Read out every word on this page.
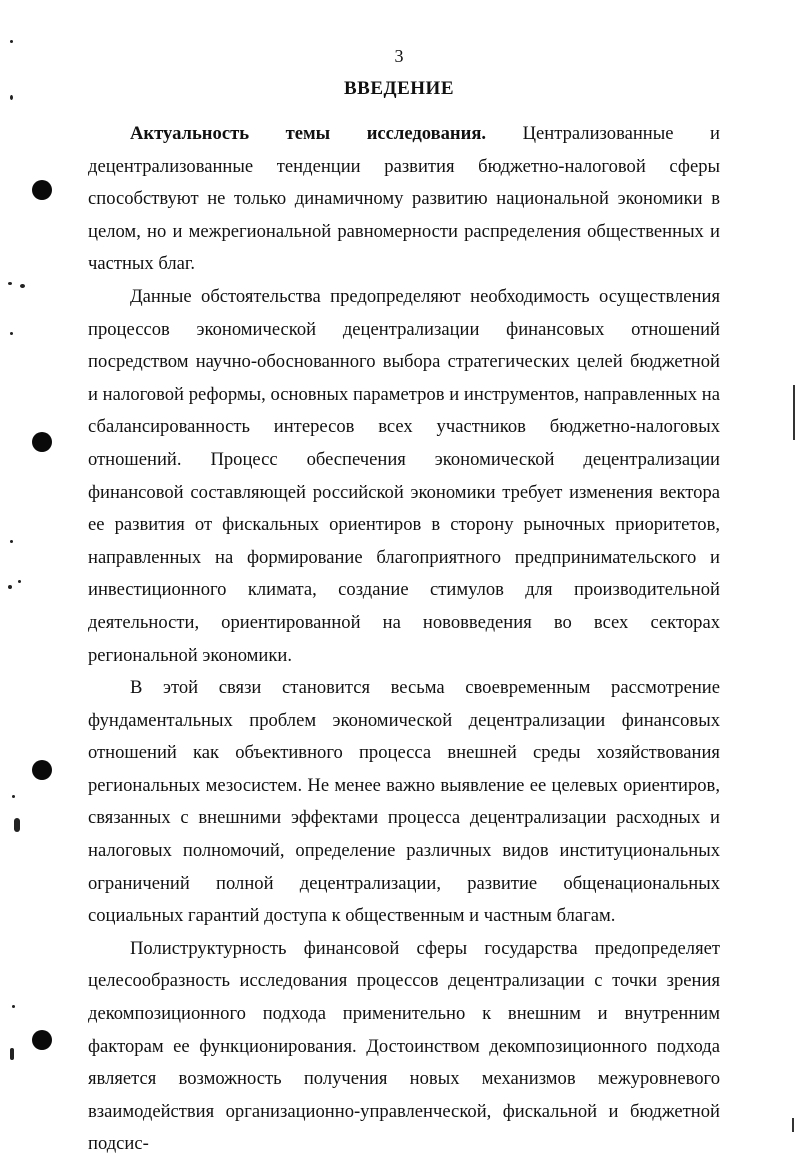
3
ВВЕДЕНИЕ

Актуальность темы исследования. Централизованные и децентрализованные тенденции развития бюджетно-налоговой сферы способствуют не только динамичному развитию национальной экономики в целом, но и межрегиональной равномерности распределения общественных и частных благ.

Данные обстоятельства предопределяют необходимость осуществления процессов экономической децентрализации финансовых отношений посредством научно-обоснованного выбора стратегических целей бюджетной и налоговой реформы, основных параметров и инструментов, направленных на сбалансированность интересов всех участников бюджетно-налоговых отношений. Процесс обеспечения экономической децентрализации финансовой составляющей российской экономики требует изменения вектора ее развития от фискальных ориентиров в сторону рыночных приоритетов, направленных на формирование благоприятного предпринимательского и инвестиционного климата, создание стимулов для производительной деятельности, ориентированной на нововведения во всех секторах региональной экономики.

В этой связи становится весьма своевременным рассмотрение фундаментальных проблем экономической децентрализации финансовых отношений как объективного процесса внешней среды хозяйствования региональных мезосистем. Не менее важно выявление ее целевых ориентиров, связанных с внешними эффектами процесса децентрализации расходных и налоговых полномочий, определение различных видов институциональных ограничений полной децентрализации, развитие общенациональных социальных гарантий доступа к общественным и частным благам.

Полиструктурность финансовой сферы государства предопределяет целесообразность исследования процессов децентрализации с точки зрения декомпозиционного подхода применительно к внешним и внутренним факторам ее функционирования. Достоинством декомпозиционного подхода является возможность получения новых механизмов межуровневого взаимодействия организационно-управленческой, фискальной и бюджетной подсис-
